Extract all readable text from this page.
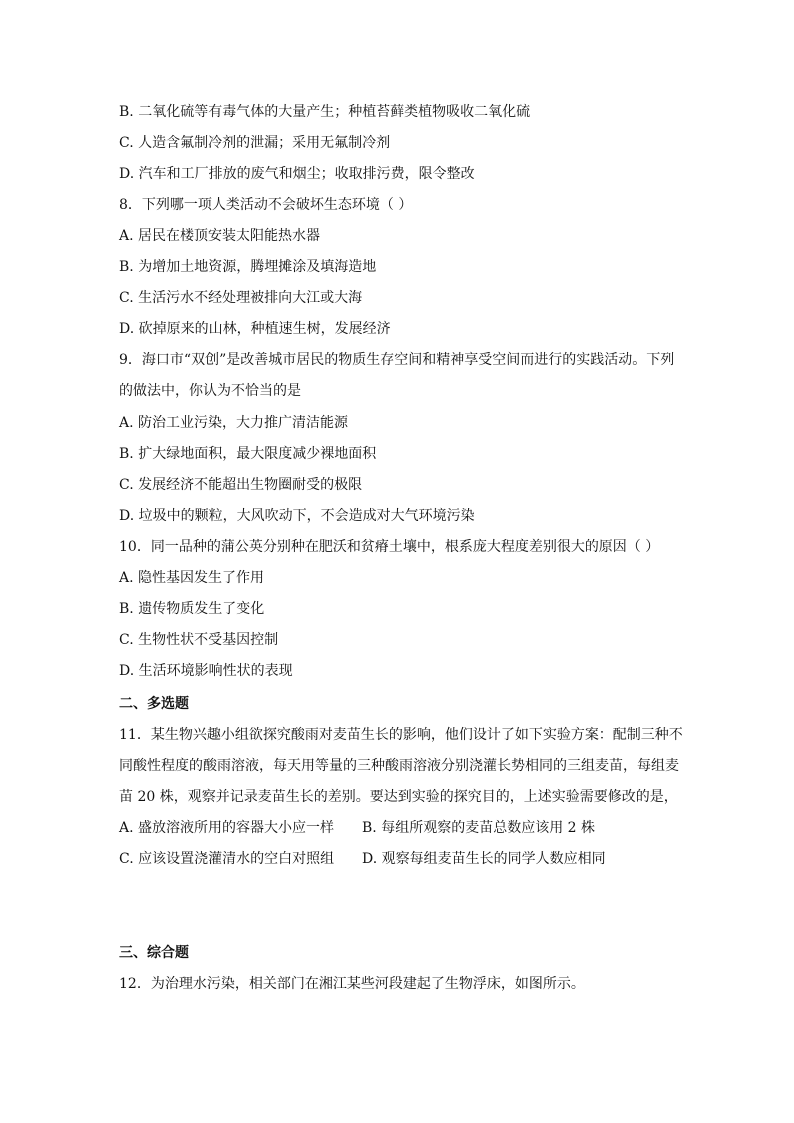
B. 二氧化硫等有毒气体的大量产生；种植苔藓类植物吸收二氧化硫
C. 人造含氟制冷剂的泄漏；采用无氟制冷剂
D. 汽车和工厂排放的废气和烟尘；收取排污费，限令整改
8．下列哪一项人类活动不会破坏生态环境（ ）
A. 居民在楼顶安装太阳能热水器
B. 为增加土地资源，腾埋摊涂及填海造地
C. 生活污水不经处理被排向大江或大海
D. 砍掉原来的山林，种植速生树，发展经济
9．海口市“双创”是改善城市居民的物质生存空间和精神享受空间而进行的实践活动。下列
的做法中，你认为不恰当的是
A. 防治工业污染，大力推广清洁能源
B. 扩大绿地面积，最大限度减少裸地面积
C. 发展经济不能超出生物圈耐受的极限
D. 垃圾中的颗粒，大风吹动下，不会造成对大气环境污染
10．同一品种的蒲公英分别种在肥沃和贫瘠土壤中，根系庞大程度差别很大的原因（ ）
A. 隐性基因发生了作用
B. 遗传物质发生了变化
C. 生物性状不受基因控制
D. 生活环境影响性状的表现
二、多选题
11．某生物兴趣小组欲探究酸雨对麦苗生长的影响，他们设计了如下实验方案：配制三种不
同酸性程度的酸雨溶液，每天用等量的三种酸雨溶液分别浇灌长势相同的三组麦苗，每组麦
苗 20 株，观察并记录麦苗生长的差别。要达到实验的探究目的，上述实验需要修改的是，
A. 盛放溶液所用的容器大小应一样 B. 每组所观察的麦苗总数应该用 2 株
C. 应该设置浇灌清水的空白对照组 D. 观察每组麦苗生长的同学人数应相同
三、综合题
12．为治理水污染，相关部门在湘江某些河段建起了生物浮床，如图所示。
